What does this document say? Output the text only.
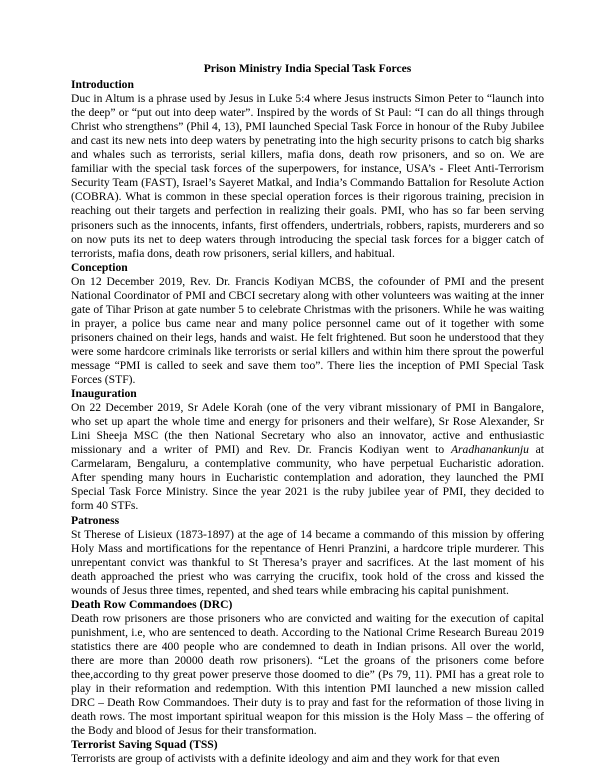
Prison Ministry India Special Task Forces
Introduction

Duc in Altum is a phrase used by Jesus in Luke 5:4 where Jesus instructs Simon Peter to “launch into the deep” or “put out into deep water”. Inspired by the words of St Paul: “I can do all things through Christ who strengthens” (Phil 4, 13), PMI launched Special Task Force in honour of the Ruby Jubilee and cast its new nets into deep waters by penetrating into the high security prisons to catch big sharks and whales such as terrorists, serial killers, mafia dons, death row prisoners, and so on. We are familiar with the special task forces of the superpowers, for instance, USA’s - Fleet Anti-Terrorism Security Team (FAST), Israel’s Sayeret Matkal, and India’s Commando Battalion for Resolute Action (COBRA). What is common in these special operation forces is their rigorous training, precision in reaching out their targets and perfection in realizing their goals. PMI, who has so far been serving prisoners such as the innocents, infants, first offenders, undertrials, robbers, rapists, murderers and so on now puts its net to deep waters through introducing the special task forces for a bigger catch of terrorists, mafia dons, death row prisoners, serial killers, and habitual.

Conception

On 12 December 2019, Rev. Dr. Francis Kodiyan MCBS, the cofounder of PMI and the present National Coordinator of PMI and CBCI secretary along with other volunteers was waiting at the inner gate of Tihar Prison at gate number 5 to celebrate Christmas with the prisoners. While he was waiting in prayer, a police bus came near and many police personnel came out of it together with some prisoners chained on their legs, hands and waist. He felt frightened. But soon he understood that they were some hardcore criminals like terrorists or serial killers and within him there sprout the powerful message “PMI is called to seek and save them too”. There lies the inception of PMI Special Task Forces (STF).

Inauguration

On 22 December 2019, Sr Adele Korah (one of the very vibrant missionary of PMI in Bangalore, who set up apart the whole time and energy for prisoners and their welfare), Sr Rose Alexander, Sr Lini Sheeja MSC (the then National Secretary who also an innovator, active and enthusiastic missionary and a writer of PMI) and Rev. Dr. Francis Kodiyan went to Aradhanankunju at Carmelaram, Bengaluru, a contemplative community, who have perpetual Eucharistic adoration. After spending many hours in Eucharistic contemplation and adoration, they launched the PMI Special Task Force Ministry. Since the year 2021 is the ruby jubilee year of PMI, they decided to form 40 STFs.

Patroness

St Therese of Lisieux (1873-1897) at the age of 14 became a commando of this mission by offering Holy Mass and mortifications for the repentance of Henri Pranzini, a hardcore triple murderer. This unrepentant convict was thankful to St Theresa’s prayer and sacrifices. At the last moment of his death approached the priest who was carrying the crucifix, took hold of the cross and kissed the wounds of Jesus three times, repented, and shed tears while embracing his capital punishment.

Death Row Commandoes (DRC)

Death row prisoners are those prisoners who are convicted and waiting for the execution of capital punishment, i.e, who are sentenced to death. According to the National Crime Research Bureau 2019 statistics there are 400 people who are condemned to death in Indian prisons. All over the world, there are more than 20000 death row prisoners). “Let the groans of the prisoners come before thee,according to thy great power preserve those doomed to die” (Ps 79, 11). PMI has a great role to play in their reformation and redemption. With this intention PMI launched a new mission called DRC – Death Row Commandoes. Their duty is to pray and fast for the reformation of those living in death rows. The most important spiritual weapon for this mission is the Holy Mass – the offering of the Body and blood of Jesus for their transformation.

Terrorist Saving Squad (TSS)

Terrorists are group of activists with a definite ideology and aim and they work for that even
